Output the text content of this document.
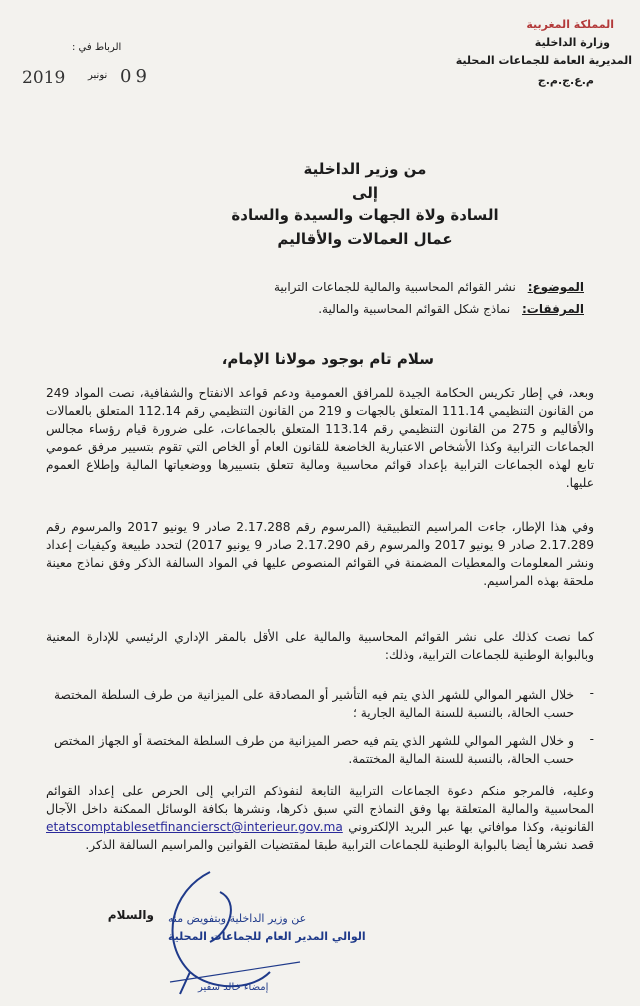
المملكة المغربية
وزارة الداخلية
المديرية العامة للجماعات المحلية
م.ع.ج.م.ج
الرباط في :
2019 نونبر 09
من وزير الداخلية
إلى
السادة ولاة الجهات والسيدة والسادة
عمال العمالات والأقاليم
الموضوع: نشر القوائم المحاسبية والمالية للجماعات الترابية
المرفقات: نماذج شكل القوائم المحاسبية والمالية.
سلام تام بوجود مولانا الإمام،
وبعد، في إطار تكريس الحكامة الجيدة للمرافق العمومية ودعم قواعد الانفتاح والشفافية، نصت المواد 249 من القانون التنظيمي 111.14 المتعلق بالجهات و 219 من القانون التنظيمي رقم 112.14 المتعلق بالعمالات والأقاليم و 275 من القانون التنظيمي رقم 113.14 المتعلق بالجماعات، على ضرورة قيام رؤساء مجالس الجماعات الترابية وكذا الأشخاص الاعتبارية الخاضعة للقانون العام أو الخاص التي تقوم بتسيير مرفق عمومي تابع لهذه الجماعات الترابية بإعداد قوائم محاسبية ومالية تتعلق بتسييرها ووضعياتها المالية وإطلاع العموم عليها.
وفي هذا الإطار، جاءت المراسيم التطبيقية (المرسوم رقم 2.17.288 صادر 9 يونيو 2017 والمرسوم رقم 2.17.289 صادر 9 يونيو 2017 والمرسوم رقم 2.17.290 صادر 9 يونيو 2017) لتحدد طبيعة وكيفيات إعداد ونشر المعلومات والمعطيات المضمنة في القوائم المنصوص عليها في المواد السالفة الذكر وفق نماذج معينة ملحقة بهذه المراسيم.
كما نصت كذلك على نشر القوائم المحاسبية والمالية على الأقل بالمقر الإداري الرئيسي للإدارة المعنية وبالبوابة الوطنية للجماعات الترابية، وذلك:
-
خلال الشهر الموالي للشهر الذي يتم فيه التأشير أو المصادقة على الميزانية من طرف السلطة المختصة حسب الحالة، بالنسبة للسنة المالية الجارية ؛
-
و خلال الشهر الموالي للشهر الذي يتم فيه حصر الميزانية من طرف السلطة المختصة أو الجهاز المختص حسب الحالة، بالنسبة للسنة المالية المختتمة.
وعليه، فالمرجو منكم دعوة الجماعات الترابية التابعة لنفوذكم الترابي إلى الحرص على إعداد القوائم المحاسبية والمالية المتعلقة بها وفق النماذج التي سبق ذكرها، ونشرها بكافة الوسائل الممكنة داخل الآجال القانونية، وكذا موافاتي بها عبر البريد الإلكتروني etatscomptablesetfinanciersct@interieur.gov.ma قصد نشرها أيضا بالبوابة الوطنية للجماعات الترابية طبقا لمقتضيات القوانين والمراسيم السالفة الذكر.
والسلام عن وزير الداخلية وبتفويض منه
الوالي المدير العام للجماعات المحلية
إمضاء خالد سفير
